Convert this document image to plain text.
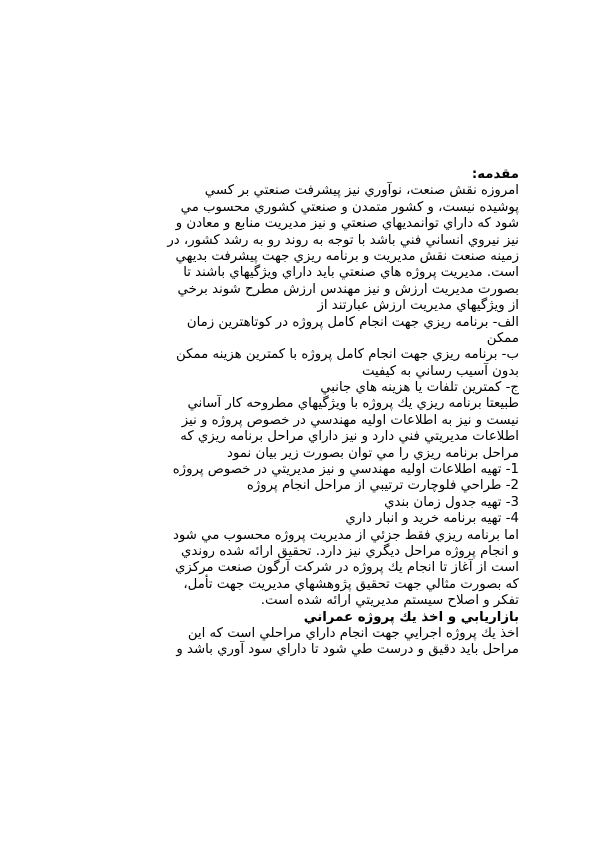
مقدمه:
امروزه نقش صنعت، نوآوري نيز پيشرفت صنعتي بر كسي
پوشيده نيست، و كشور متمدن و صنعتي كشوري محسوب مي
شود كه داراي توانمديهاي صنعتي و نيز مديريت منابع و معادن و
نيز نيروي انساني فني باشد با توجه به روند رو به رشد كشور، در
زمينه صنعت نقش مديريت و برنامه ريزي جهت پيشرفت بديهي
است. مديريت پروژه هاي صنعتي بايد داراي ويژگيهاي باشند تا
بصورت مديريت ارزش و نيز مهندس ارزش مطرح شوند برخي
از ويژگيهاي مديريت ارزش عبارتند از
الف- برنامه ريزي جهت انجام كامل پروژه در كوتاهترين زمان
ممكن
ب- برنامه ريزي جهت انجام كامل پروژه با كمترين هزينه ممكن
بدون آسيب رساني به كيفيت
ج- كمترين تلفات يا هزينه هاي جانبي
طبيعتا برنامه ريزي يك پروژه با ويژگيهاي مطروحه كار آساني
نيست و نيز به اطلاعات اوليه مهندسي در خصوص پروژه و نيز
اطلاعات مديريتي فني دارد و نيز داراي مراحل برنامه ريزي كه
مراحل برنامه ريزي را مي توان بصورت زير بيان نمود
1- تهيه اطلاعات اوليه مهندسي و نيز مديريتي در خصوص پروژه
2- طراحي فلوچارت ترتيبي از مراحل انجام پروژه
3- تهيه جدول زمان بندي
4- تهيه برنامه خريد و انبار داري
اما برنامه ريزي فقط جزئي از مديريت پروژه محسوب مي شود
و انجام پروژه مراحل ديگري نيز دارد. تحقيق ارائه شده روندي
است از آغاز تا انجام يك پروژه در شركت آرگون صنعت مركزي
كه بصورت مثالي جهت تحقيق پژوهشهاي مديريت جهت تأمل،
تفكر و اصلاح سيستم مديريتي ارائه شده است.
بازاريابي و اخذ يك پروژه عمراني
اخذ يك پروژه اجرايي جهت انجام داراي مراحلي است كه اين
مراحل بايد دقيق و درست طي شود تا داراي سود آوري باشد و
